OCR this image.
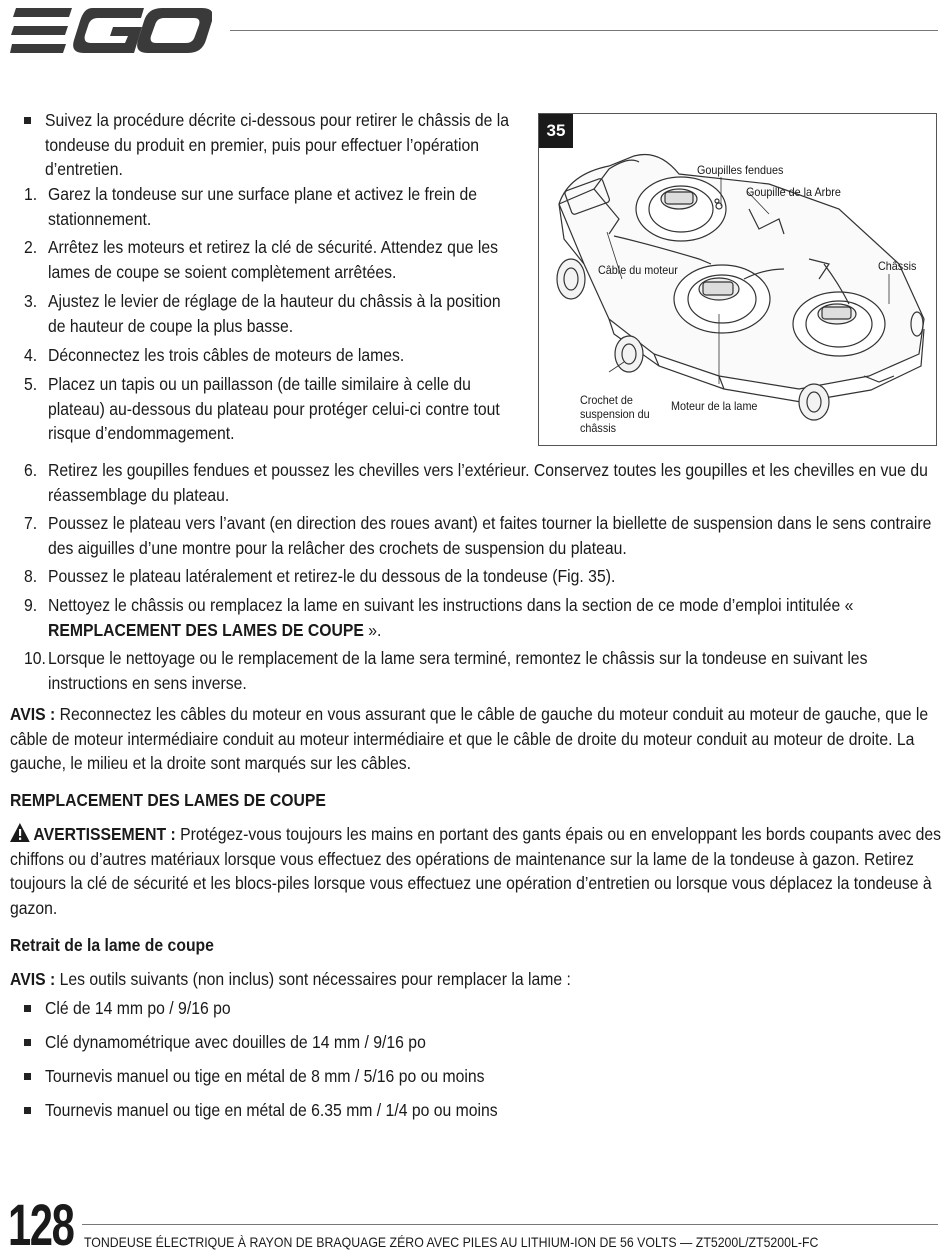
Suivez la procédure décrite ci-dessous pour retirer le châssis de la tondeuse du produit en premier, puis pour effectuer l’opération d’entretien.
1. Garez la tondeuse sur une surface plane et activez le frein de stationnement.
2. Arrêtez les moteurs et retirez la clé de sécurité. Attendez que les lames de coupe se soient complètement arrêtées.
3. Ajustez le levier de réglage de la hauteur du châssis à la position de hauteur de coupe la plus basse.
4. Déconnectez les trois câbles de moteurs de lames.
5. Placez un tapis ou un paillasson (de taille similaire à celle du plateau) au-dessous du plateau pour protéger celui-ci contre tout risque d’endommagement.
35
Goupilles fendues
Goupille de la Arbre
Châssis
Câble du moteur
Crochet de
suspension du
châssis
Moteur de la lame
6. Retirez les goupilles fendues et poussez les chevilles vers l’extérieur. Conservez toutes les goupilles et les chevilles en vue du réassemblage du plateau.
7. Poussez le plateau vers l’avant (en direction des roues avant) et faites tourner la biellette de suspension dans le sens contraire des aiguilles d’une montre pour la relâcher des crochets de suspension du plateau.
8. Poussez le plateau latéralement et retirez-le du dessous de la tondeuse (Fig. 35).
9. Nettoyez le châssis ou remplacez la lame en suivant les instructions dans la section de ce mode d’emploi intitulée « REMPLACEMENT DES LAMES DE COUPE ».
10. Lorsque le nettoyage ou le remplacement de la lame sera terminé, remontez le châssis sur la tondeuse en suivant les instructions en sens inverse.
AVIS : Reconnectez les câbles du moteur en vous assurant que le câble de gauche du moteur conduit au moteur de gauche, que le câble de moteur intermédiaire conduit au moteur intermédiaire et que le câble de droite du moteur conduit au moteur de droite. La gauche, le milieu et la droite sont marqués sur les câbles.
REMPLACEMENT DES LAMES DE COUPE
AVERTISSEMENT : Protégez-vous toujours les mains en portant des gants épais ou en enveloppant les bords coupants avec des chiffons ou d’autres matériaux lorsque vous effectuez des opérations de maintenance sur la lame de la tondeuse à gazon. Retirez toujours la clé de sécurité et les blocs-piles lorsque vous effectuez une opération d’entretien ou lorsque vous déplacez la tondeuse à gazon.
Retrait de la lame de coupe
AVIS : Les outils suivants (non inclus) sont nécessaires pour remplacer la lame :
Clé de 14 mm po / 9/16 po
Clé dynamométrique avec douilles de 14 mm / 9/16 po
Tournevis manuel ou tige en métal de 8 mm / 5/16 po ou moins
Tournevis manuel ou tige en métal de 6.35 mm / 1/4 po ou moins
128 TONDEUSE ÉLECTRIQUE À RAYON DE BRAQUAGE ZÉRO AVEC PILES AU LITHIUM-ION DE 56 VOLTS — ZT5200L/ZT5200L-FC
